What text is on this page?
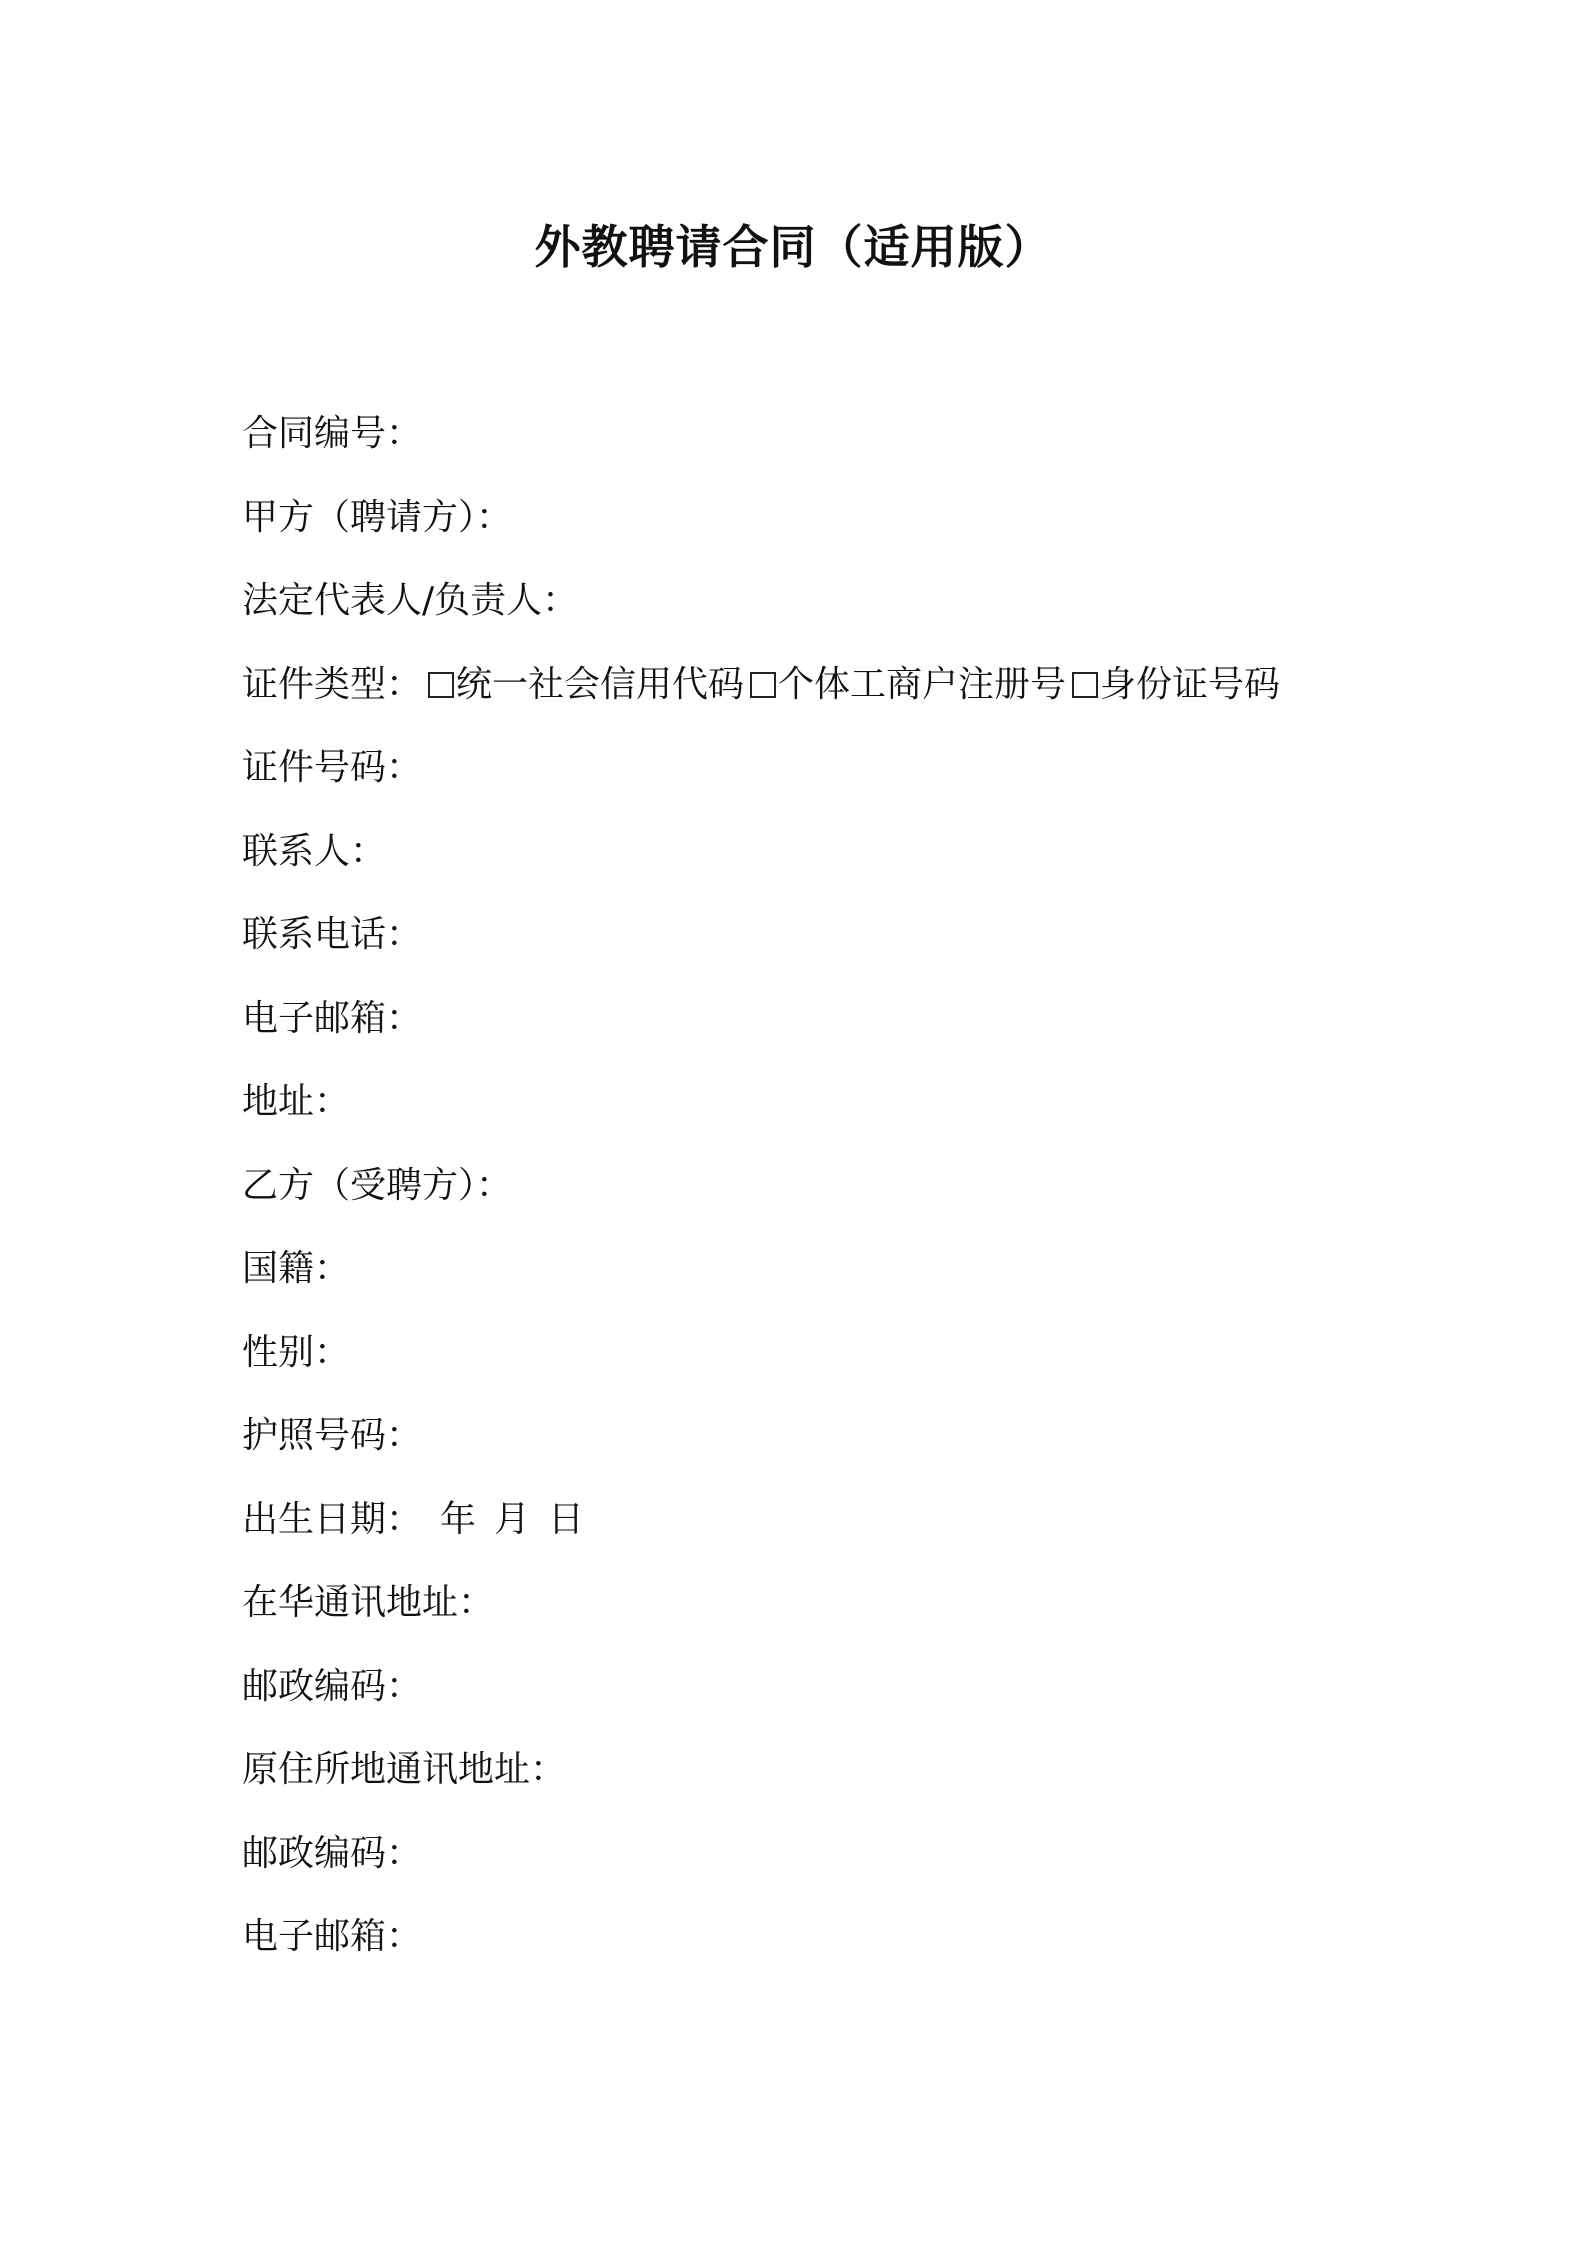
外教聘请合同（适用版）
合同编号：
甲方（聘请方）：
法定代表人/负责人：
证件类型： 统一社会信用代码 个体工商户注册号 身份证号码
证件号码：
联系人：
联系电话：
电子邮箱：
地址：
乙方（受聘方）：
国籍：
性别：
护照号码：
出生日期： 年 月 日
在华通讯地址：
邮政编码：
原住所地通讯地址：
邮政编码：
电子邮箱：
